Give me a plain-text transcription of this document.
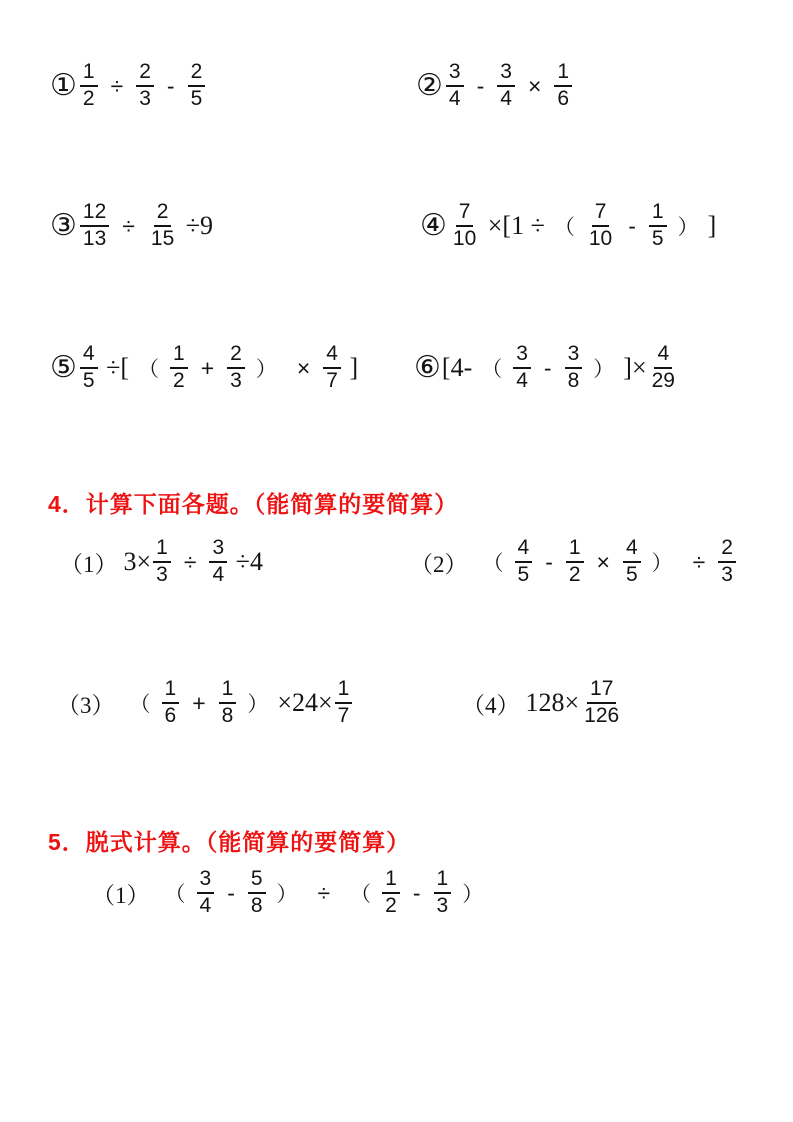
① $\frac{1}{2} \div \frac{2}{3} - \frac{2}{5}$	② $\frac{3}{4} - \frac{3}{4} \times \frac{1}{6}$
③ $\frac{12}{13} \div \frac{2}{15} \div 9$	④ $\frac{7}{10} \times[1$ ÷ （ $\frac{7}{10} - \frac{1}{5}$ ） ]
⑤ $\frac{4}{5}$ ÷[ （ $\frac{1}{2} + \frac{2}{3}$ ） × $\frac{4}{7}$ ] ⑥ [4- （ $\frac{3}{4} - \frac{3}{8}$ ） ]× $\frac{4}{29}$
4．计算下面各题。（能简算的要简算）
（1） $3\times \frac{1}{3} \div \frac{3}{4} \div 4$	（2） （ $\frac{4}{5} - \frac{1}{2} \times \frac{4}{5}$ ） ÷ $\frac{2}{3}$
（3） （ $\frac{1}{6} + \frac{1}{8}$ ） $\times 24\times \frac{1}{7}$	（4） $128\times \frac{17}{126}$
5．脱式计算。（能简算的要简算）
（1） （ $\frac{3}{4} - \frac{5}{8}$ ） ÷ （ $\frac{1}{2} - \frac{1}{3}$ ）
